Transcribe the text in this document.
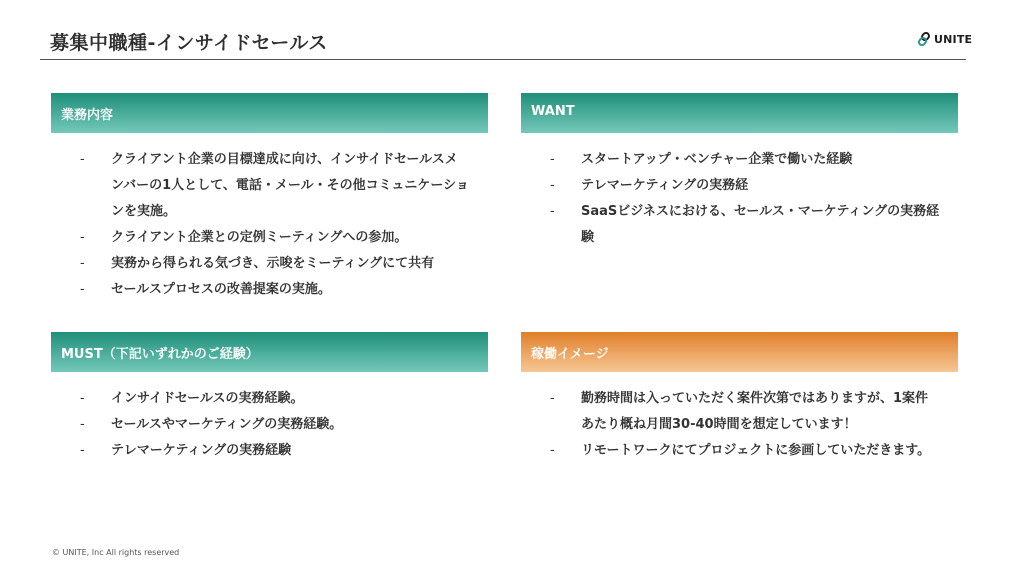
募集中職種-インサイドセールス	UNITE
業務内容
- クライアント企業の目標達成に向け、インサイドセールスメンバーの1人として、電話・メール・その他コミュニケーションを実施。
- クライアント企業との定例ミーティングへの参加。
- 実務から得られる気づき、示唆をミーティングにて共有
- セールスプロセスの改善提案の実施。
WANT
- スタートアップ・ベンチャー企業で働いた経験
- テレマーケティングの実務経
- SaaSビジネスにおける、セールス・マーケティングの実務経験
MUST（下記いずれかのご経験）
- インサイドセールスの実務経験。
- セールスやマーケティングの実務経験。
- テレマーケティングの実務経験
稼働イメージ
- 勤務時間は入っていただく案件次第ではありますが、1案件あたり概ね月間30-40時間を想定しています！
- リモートワークにてプロジェクトに参画していただきます。
© UNITE, Inc All rights reserved
